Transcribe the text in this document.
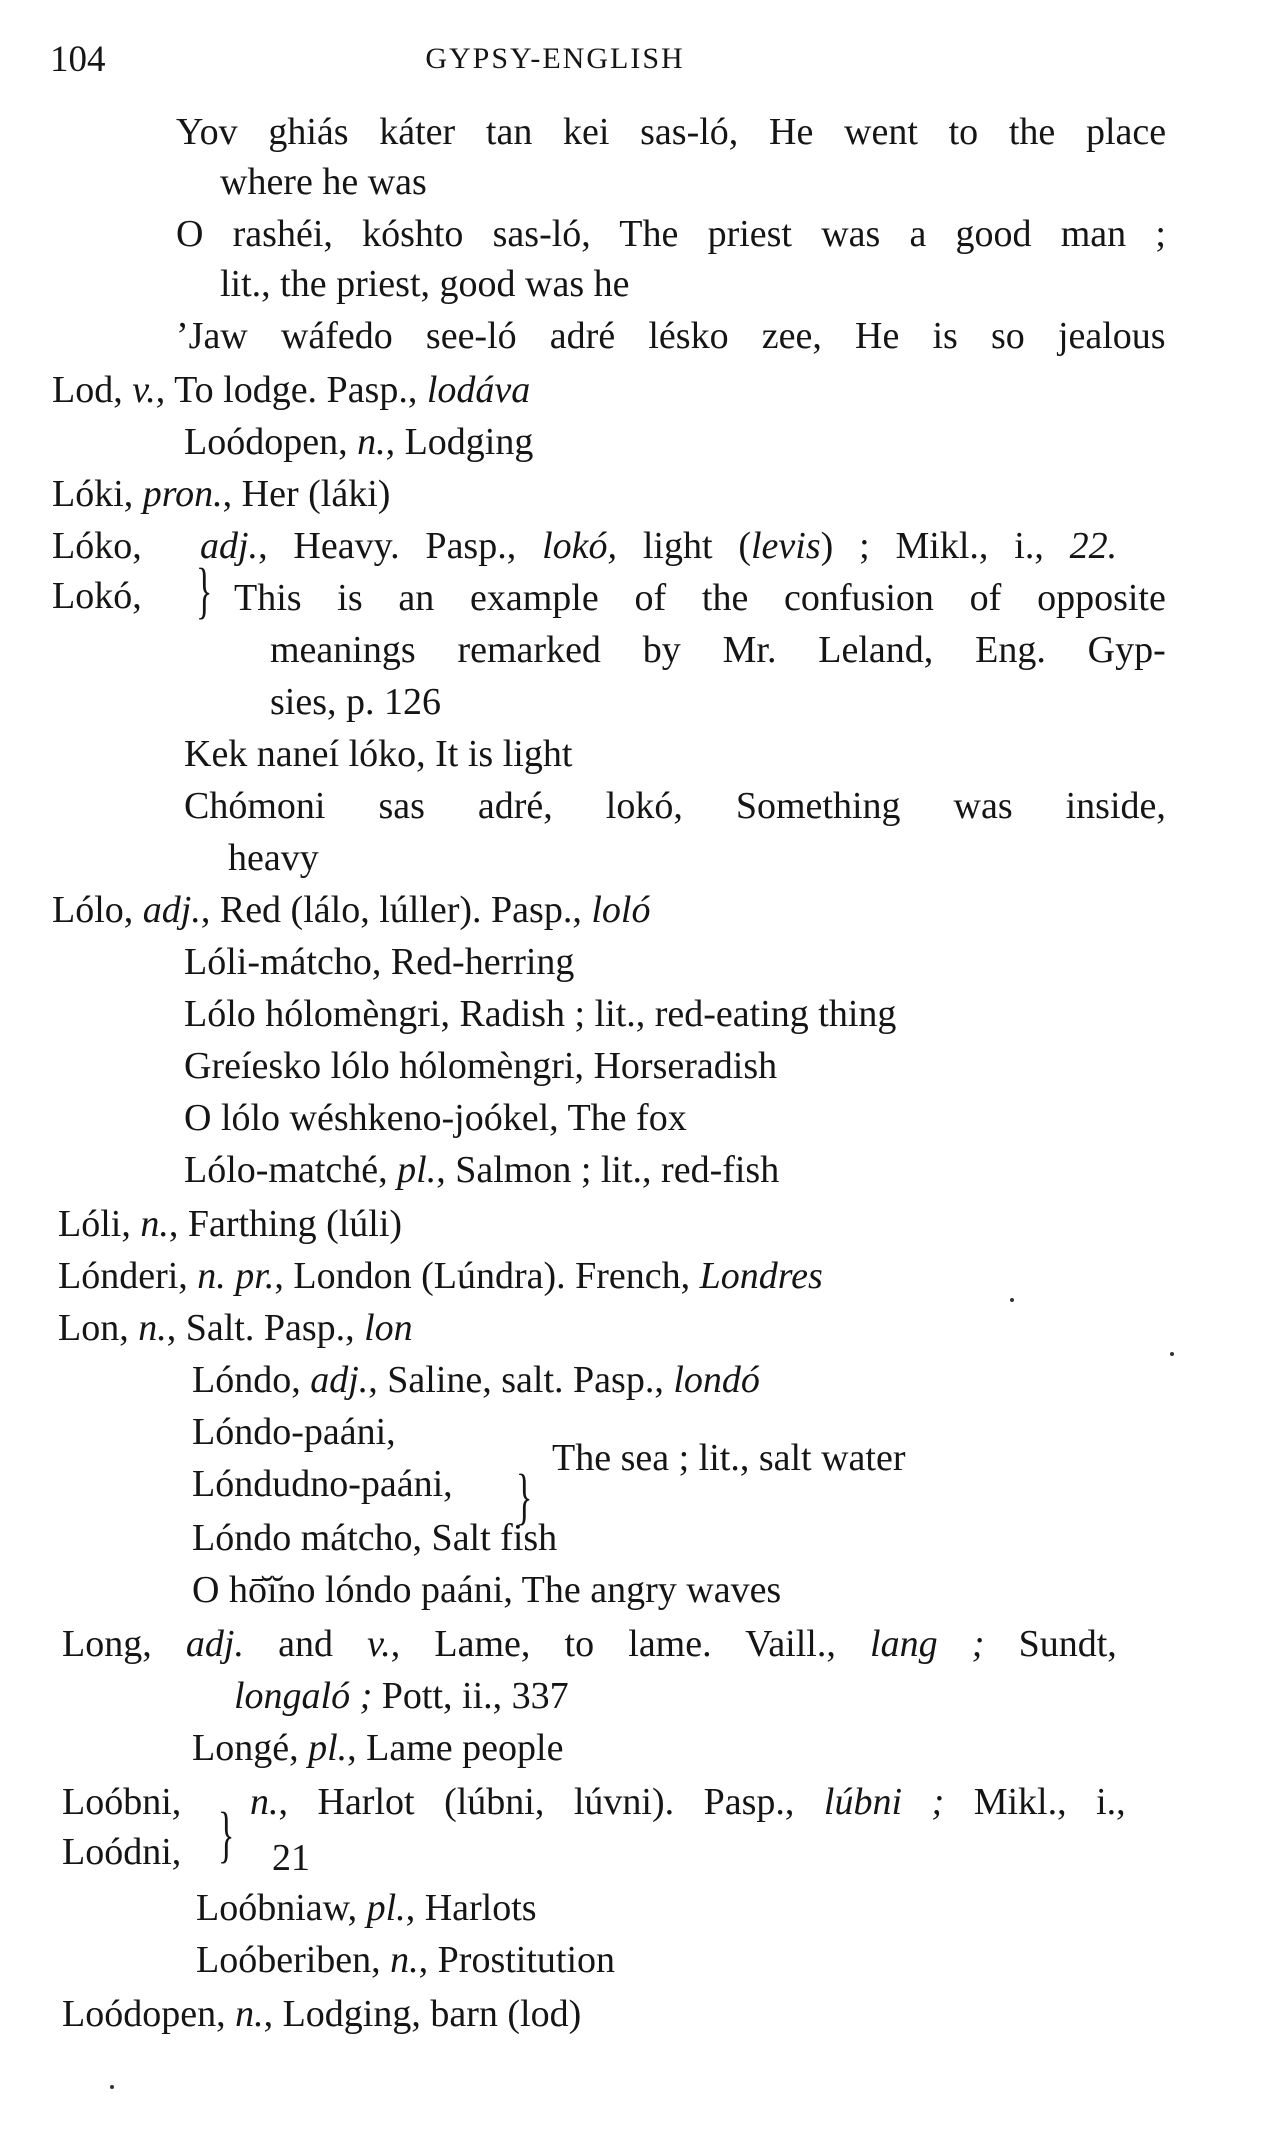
104	GYPSY-ENGLISH
Yov ghiás káter tan kei sas-ló, He went to the place
where he was
O rashéi, kóshto sas-ló, The priest was a good man ;
lit., the priest, good was he
’Jaw wáfedo see-ló adré lésko zee, He is so jealous
Lod, v., To lodge. Pasp., lodáva
Loódopen, n., Lodging
Lóki, pron., Her (láki)
Lóko, adj., Heavy. Pasp., lokó, light (levis) ; Mikl., i., 22.
Lokó, This is an example of the confusion of opposite
meanings remarked by Mr. Leland, Eng. Gyp-
sies, p. 126
Kek naneí lóko, It is light
Chómoni sas adré, lokó, Something was inside,
heavy
Lólo, adj., Red (lálo, lúller). Pasp., loló
Lóli-mátcho, Red-herring
Lólo hólomèngri, Radish ; lit., red-eating thing
Greíesko lólo hólomèngri, Horseradish
O lólo wéshkeno-joókel, The fox
Lólo-matché, pl., Salmon ; lit., red-fish
Lóli, n., Farthing (lúli)
Lónderi, n. pr., London (Lúndra). French, Londres
Lon, n., Salt. Pasp., lon
Lóndo, adj., Saline, salt. Pasp., londó
Lóndo-paáni,
The sea ; lit., salt water
Lóndudno-paáni,
Lóndo mátcho, Salt fish
O hō̆ı̆no lóndo paáni, The angry waves
Long, adj. and v., Lame, to lame. Vaill., lang ; Sundt,
longaló ; Pott, ii., 337
Longé, pl., Lame people
Loóbni, n., Harlot (lúbni, lúvni). Pasp., lúbni ; Mikl., i.,
Loódni, 21
Loóbniaw, pl., Harlots
Loóberiben, n., Prostitution
Loódopen, n., Lodging, barn (lod)
}
}
}
